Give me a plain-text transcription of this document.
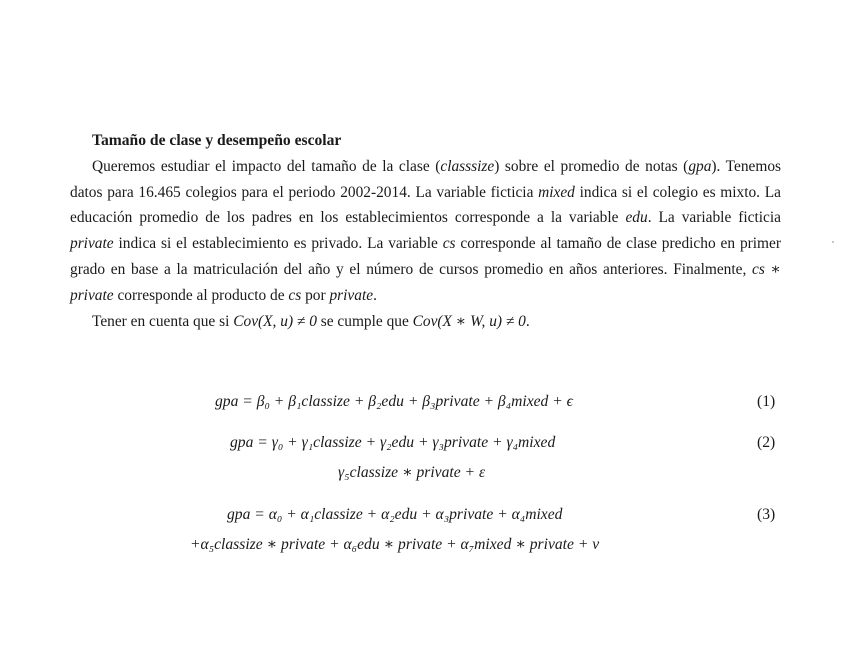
Tamaño de clase y desempeño escolar

Queremos estudiar el impacto del tamaño de la clase (classsize) sobre el promedio de notas (gpa). Tenemos datos para 16.465 colegios para el periodo 2002-2014. La variable ficticia mixed indica si el colegio es mixto. La educación promedio de los padres en los establecimientos corresponde a la variable edu. La variable ficticia private indica si el establecimiento es privado. La variable cs corresponde al tamaño de clase predicho en primer grado en base a la matriculación del año y el número de cursos promedio en años anteriores. Finalmente, cs ∗ private corresponde al producto de cs por private.

Tener en cuenta que si Cov(X, u) ≠ 0 se cumple que Cov(X ∗ W, u) ≠ 0.

gpa = β₀ + β₁classize + β₂edu + β₃private + β₄mixed + ϵ	(1)
gpa = γ₀ + γ₁classize + γ₂edu + γ₃private + γ₄mixed	(2)
γ₅classize ∗ private + ε
gpa = α₀ + α₁classize + α₂edu + α₃private + α₄mixed	(3)
+α₅classize ∗ private + α₆edu ∗ private + α₇mixed ∗ private + v
